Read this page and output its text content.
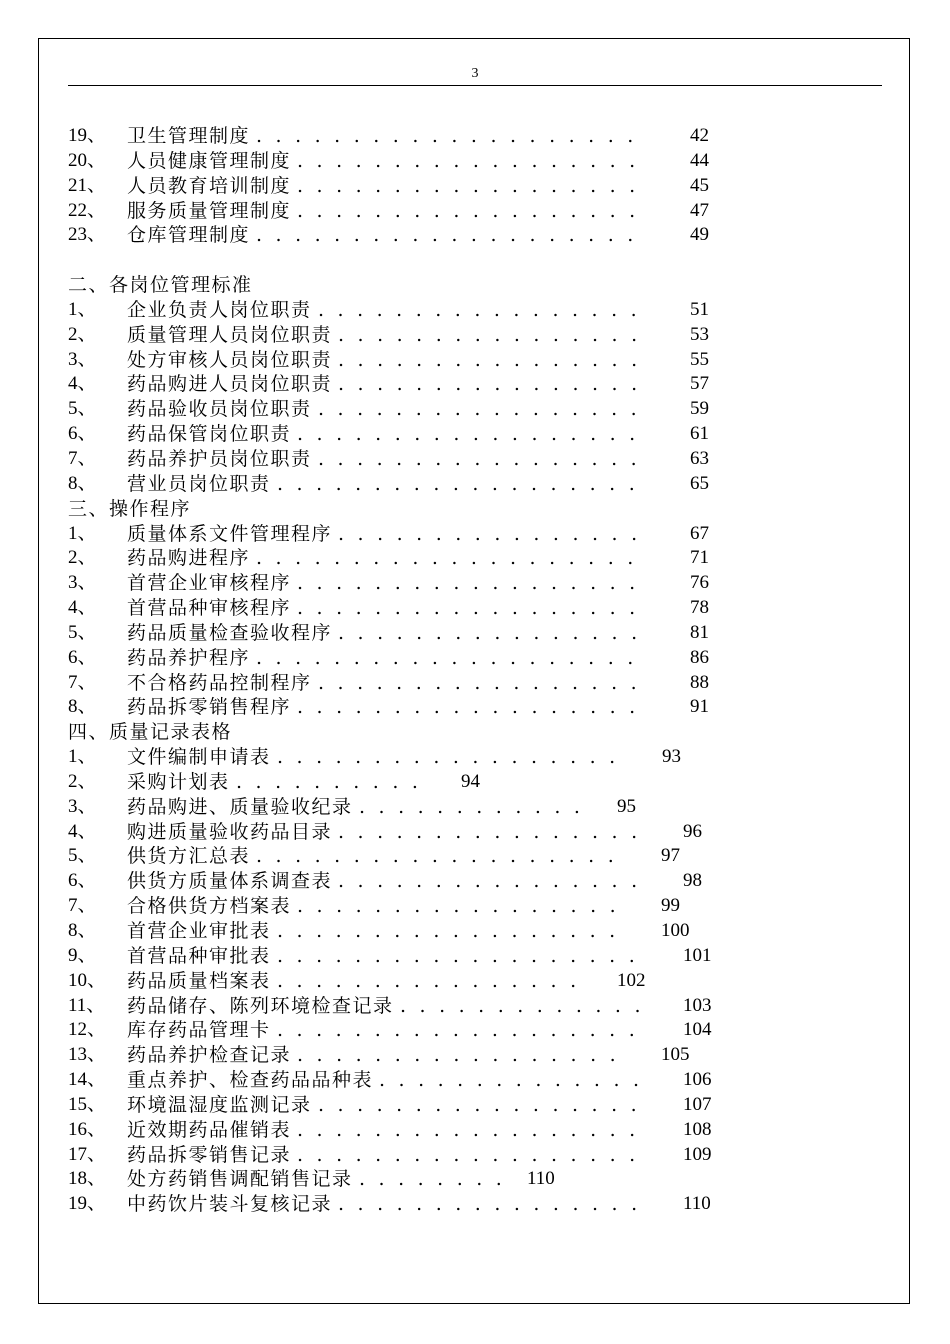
3
19、 卫生管理制度 ....................	42
20、 人员健康管理制度 ..................	44
21、 人员教育培训制度 ..................	45
22、 服务质量管理制度 ..................	47
23、 仓库管理制度 ....................	49
二、各岗位管理标准
1、 企业负责人岗位职责 .................	51
2、 质量管理人员岗位职责 ................	53
3、 处方审核人员岗位职责 ................	55
4、 药品购进人员岗位职责 ................	57
5、 药品验收员岗位职责 .................	59
6、 药品保管岗位职责 ..................	61
7、 药品养护员岗位职责 .................	63
8、 营业员岗位职责 ...................	65
三、操作程序
1、 质量体系文件管理程序 ................	67
2、 药品购进程序 ....................	71
3、 首营企业审核程序 ..................	76
4、 首营品种审核程序 ..................	78
5、 药品质量检查验收程序 ................	81
6、 药品养护程序 ....................	86
7、 不合格药品控制程序 .................	88
8、 药品拆零销售程序 ..................	91
四、质量记录表格
1、 文件编制申请表 ..................	93
2、 采购计划表 ..........	94
3、 药品购进、质量验收纪录 ............	95
4、 购进质量验收药品目录 ................	96
5、 供货方汇总表 ...................	97
6、 供货方质量体系调查表 ................	98
7、 合格供货方档案表 .................	99
8、 首营企业审批表 ..................	100
9、 首营品种审批表 ...................	101
10、 药品质量档案表 ................	102
11、 药品储存、陈列环境检查记录 .............	103
12、 库存药品管理卡 ...................	104
13、 药品养护检查记录 .................	105
14、 重点养护、检查药品品种表 ..............	106
15、 环境温湿度监测记录 .................	107
16、 近效期药品催销表 ..................	108
17、 药品拆零销售记录 ..................	109
18、 处方药销售调配销售记录 ........ 110
19、 中药饮片装斗复核记录 ................	110
